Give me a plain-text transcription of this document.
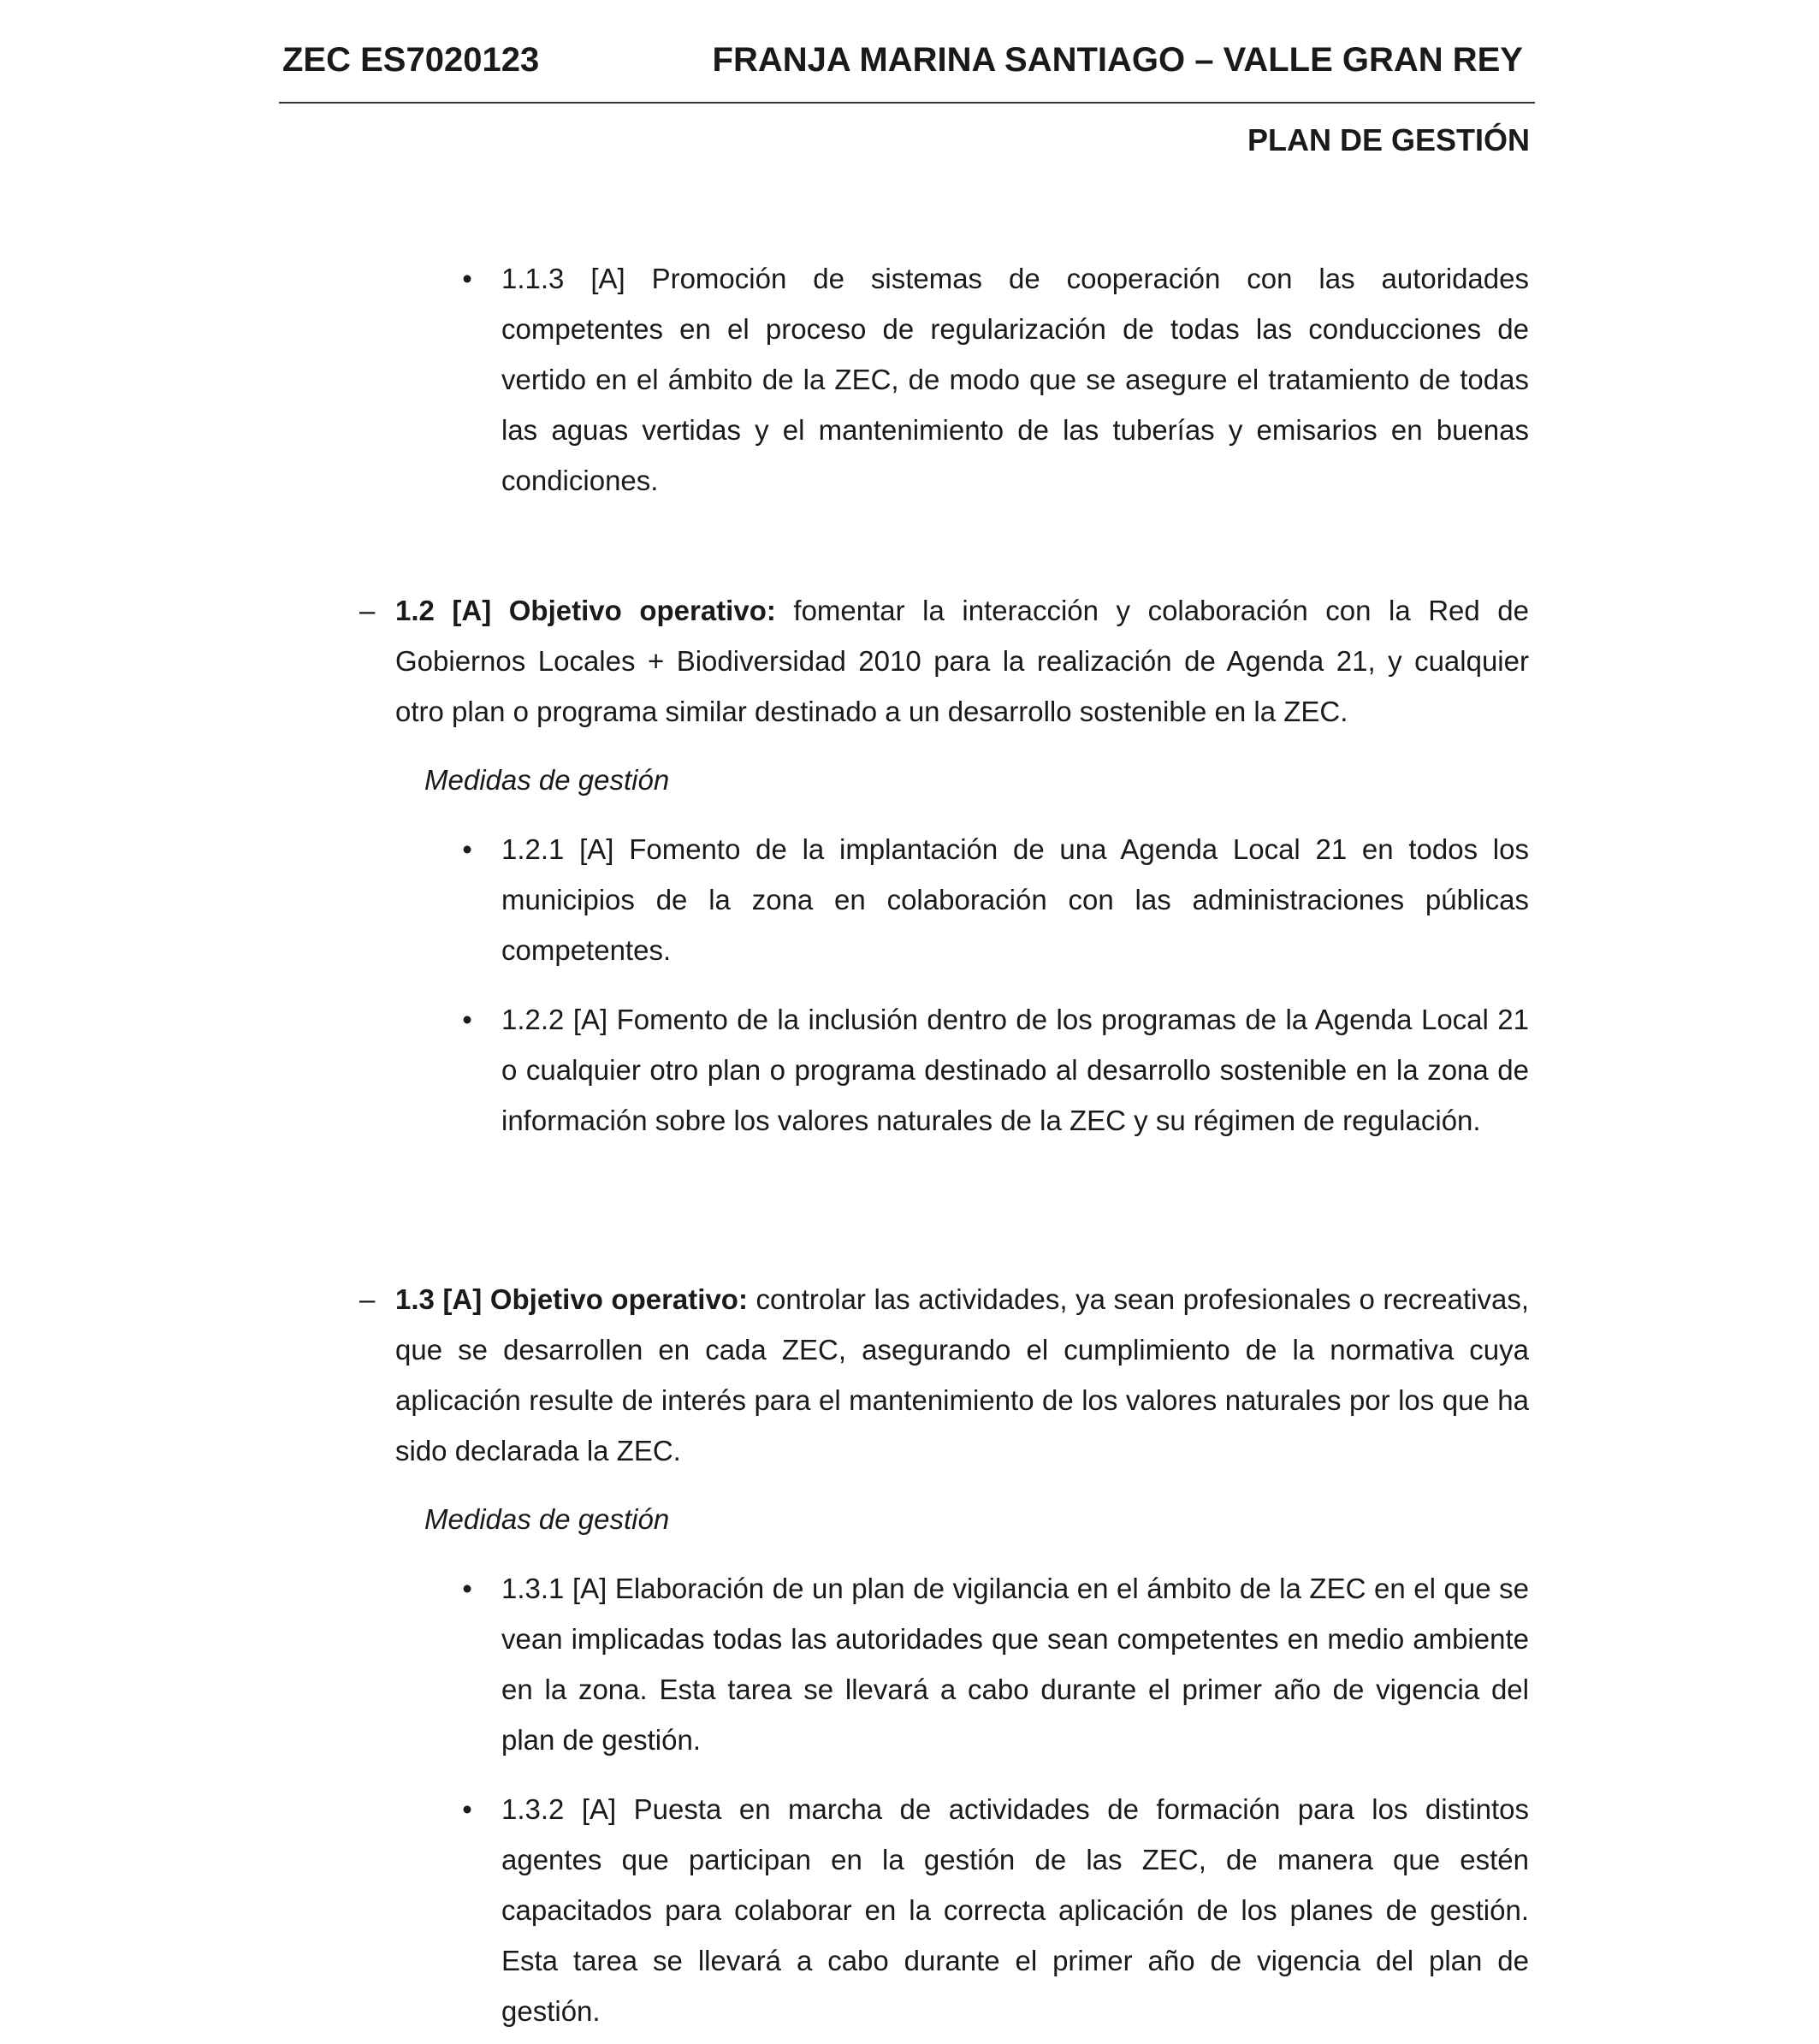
ZEC ES7020123	FRANJA MARINA SANTIAGO – VALLE GRAN REY
PLAN DE GESTIÓN
•	1.1.3 [A] Promoción de sistemas de cooperación con las autoridades competentes en el proceso de regularización de todas las conducciones de vertido en el ámbito de la ZEC, de modo que se asegure el tratamiento de todas las aguas vertidas y el mantenimiento de las tuberías y emisarios en buenas condiciones.

– 1.2 [A] Objetivo operativo: fomentar la interacción y colaboración con la Red de Gobiernos Locales + Biodiversidad 2010 para la realización de Agenda 21, y cualquier otro plan o programa similar destinado a un desarrollo sostenible en la ZEC.

Medidas de gestión
•	1.2.1 [A] Fomento de la implantación de una Agenda Local 21 en todos los municipios de la zona en colaboración con las administraciones públicas competentes.

•	1.2.2 [A] Fomento de la inclusión dentro de los programas de la Agenda Local 21 o cualquier otro plan o programa destinado al desarrollo sostenible en la zona de información sobre los valores naturales de la ZEC y su régimen de regulación.

– 1.3 [A] Objetivo operativo: controlar las actividades, ya sean profesionales o recreativas, que se desarrollen en cada ZEC, asegurando el cumplimiento de la normativa cuya aplicación resulte de interés para el mantenimiento de los valores naturales por los que ha sido declarada la ZEC.

Medidas de gestión
•	1.3.1 [A] Elaboración de un plan de vigilancia en el ámbito de la ZEC en el que se vean implicadas todas las autoridades que sean competentes en medio ambiente en la zona. Esta tarea se llevará a cabo durante el primer año de vigencia del plan de gestión.

•	1.3.2 [A] Puesta en marcha de actividades de formación para los distintos agentes que participan en la gestión de las ZEC, de manera que estén capacitados para colaborar en la correcta aplicación de los planes de gestión. Esta tarea se llevará a cabo durante el primer año de vigencia del plan de gestión.
